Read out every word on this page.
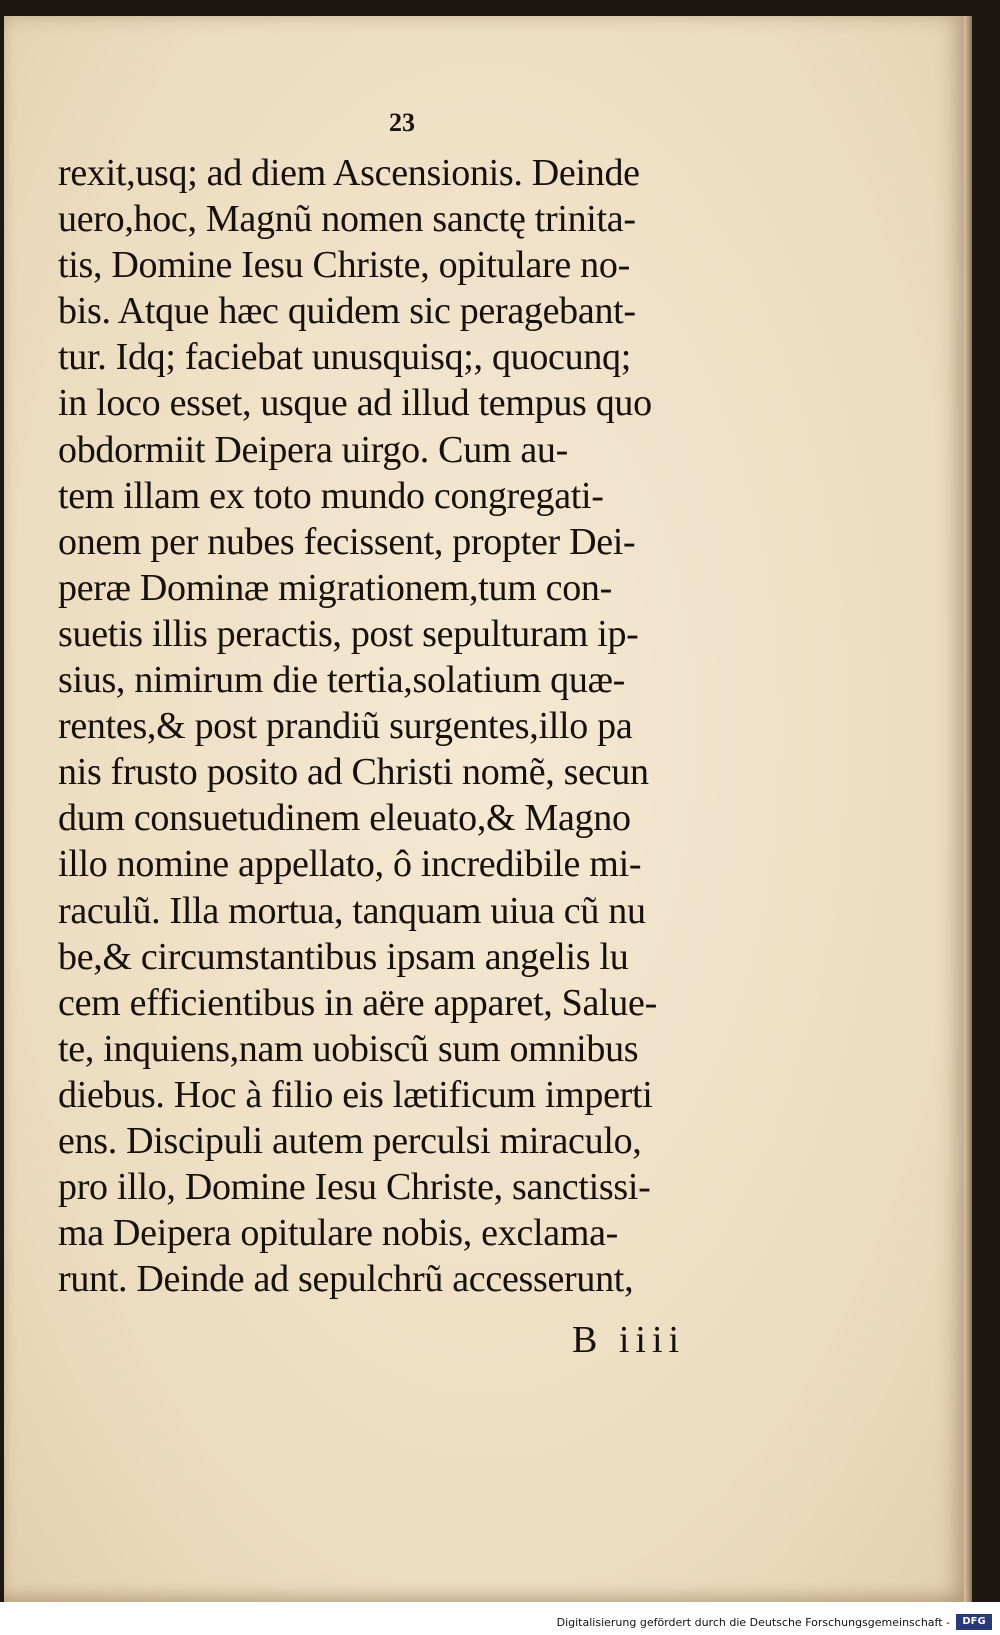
23
rexit,usq; ad diem Ascensionis. Deinde
uero,hoc, Magnũ nomen sanctę trinita-
tis, Domine Iesu Christe, opitulare no-
bis. Atque hæc quidem sic peragebant-
tur. Idq; faciebat unusquisq;, quocunq;
in loco esset, usque ad illud tempus quo
obdormiit Deipera uirgo. Cum au-
tem illam ex toto mundo congregati-
onem per nubes fecissent, propter Dei-
peræ Dominæ migrationem,tum con-
suetis illis peractis, post sepulturam ip-
sius, nimirum die tertia,solatium quæ-
rentes,& post prandiũ surgentes,illo pa
nis frusto posito ad Christi nomẽ, secun
dum consuetudinem eleuato,& Magno
illo nomine appellato, ô incredibile mi-
raculũ. Illa mortua, tanquam uiua cũ nu
be,& circumstantibus ipsam angelis lu
cem efficientibus in aëre apparet, Salue-
te, inquiens,nam uobiscũ sum omnibus
diebus. Hoc à filio eis lætificum imperti
ens. Discipuli autem perculsi miraculo,
pro illo, Domine Iesu Christe, sanctissi-
ma Deipera opitulare nobis, exclama-
runt. Deinde ad sepulchrũ accesserunt,
B iiii
Digitalisierung gefördert durch die Deutsche Forschungsgemeinschaft -	DFG
